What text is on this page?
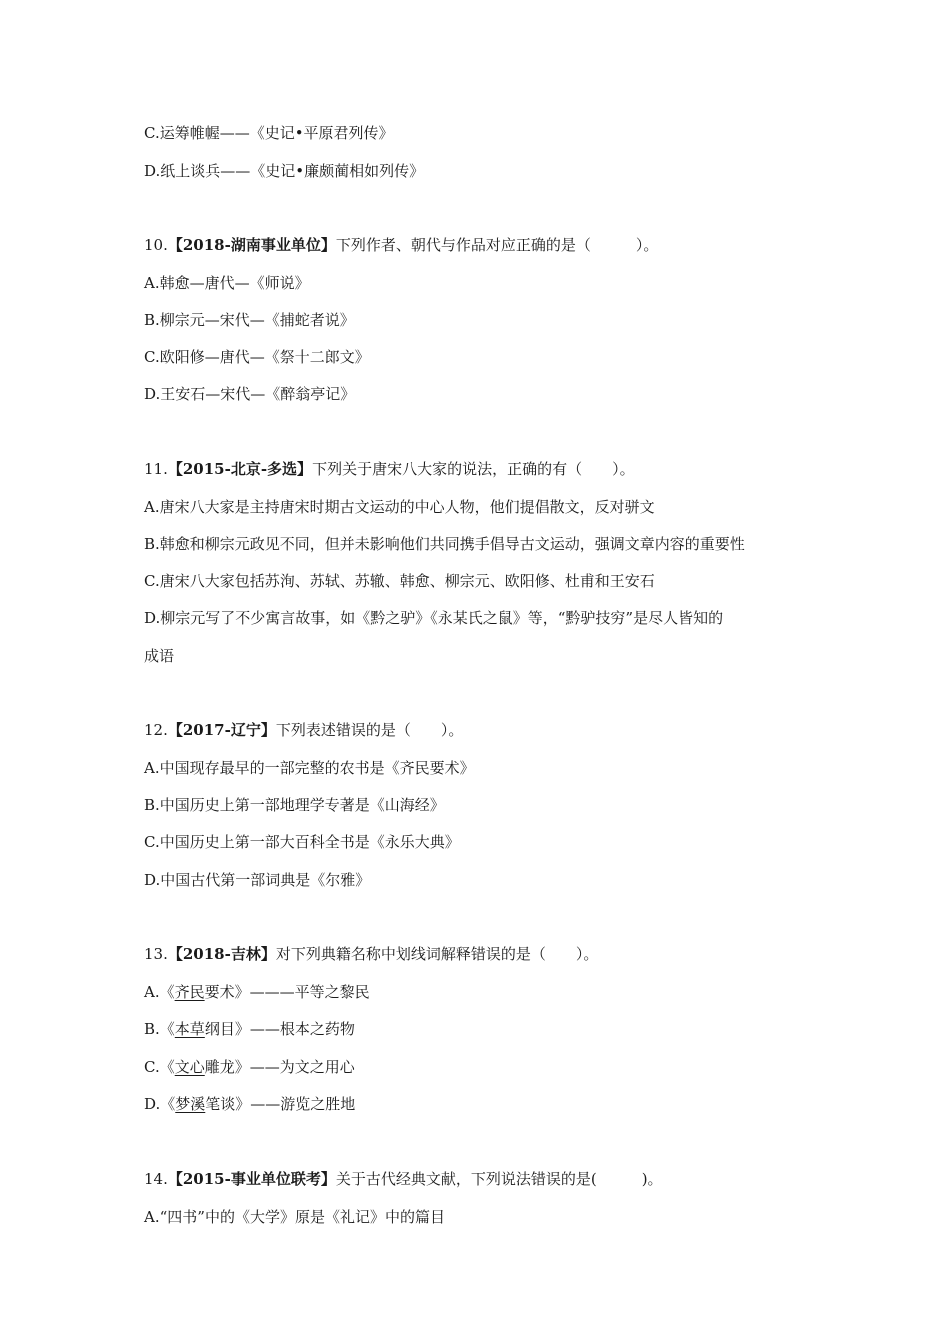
C.运筹帷幄——《史记•平原君列传》
D.纸上谈兵——《史记•廉颇蔺相如列传》
10.【2018-湖南事业单位】下列作者、朝代与作品对应正确的是（　　　）。
A.韩愈—唐代—《师说》
B.柳宗元—宋代—《捕蛇者说》
C.欧阳修—唐代—《祭十二郎文》
D.王安石—宋代—《醉翁亭记》
11.【2015-北京-多选】下列关于唐宋八大家的说法，正确的有（　　）。
A.唐宋八大家是主持唐宋时期古文运动的中心人物，他们提倡散文，反对骈文
B.韩愈和柳宗元政见不同，但并未影响他们共同携手倡导古文运动，强调文章内容的重要性
C.唐宋八大家包括苏洵、苏轼、苏辙、韩愈、柳宗元、欧阳修、杜甫和王安石
D.柳宗元写了不少寓言故事，如《黔之驴》《永某氏之鼠》等，“黔驴技穷”是尽人皆知的
成语
12.【2017-辽宁】下列表述错误的是（　　）。
A.中国现存最早的一部完整的农书是《齐民要术》
B.中国历史上第一部地理学专著是《山海经》
C.中国历史上第一部大百科全书是《永乐大典》
D.中国古代第一部词典是《尔雅》
13.【2018-吉林】对下列典籍名称中划线词解释错误的是（　　）。
A.《齐民要术》———平等之黎民
B.《本草纲目》——根本之药物
C.《文心雕龙》——为文之用心
D.《梦溪笔谈》——游览之胜地
14.【2015-事业单位联考】关于古代经典文献，下列说法错误的是(　　　)。
A.“四书”中的《大学》原是《礼记》中的篇目
